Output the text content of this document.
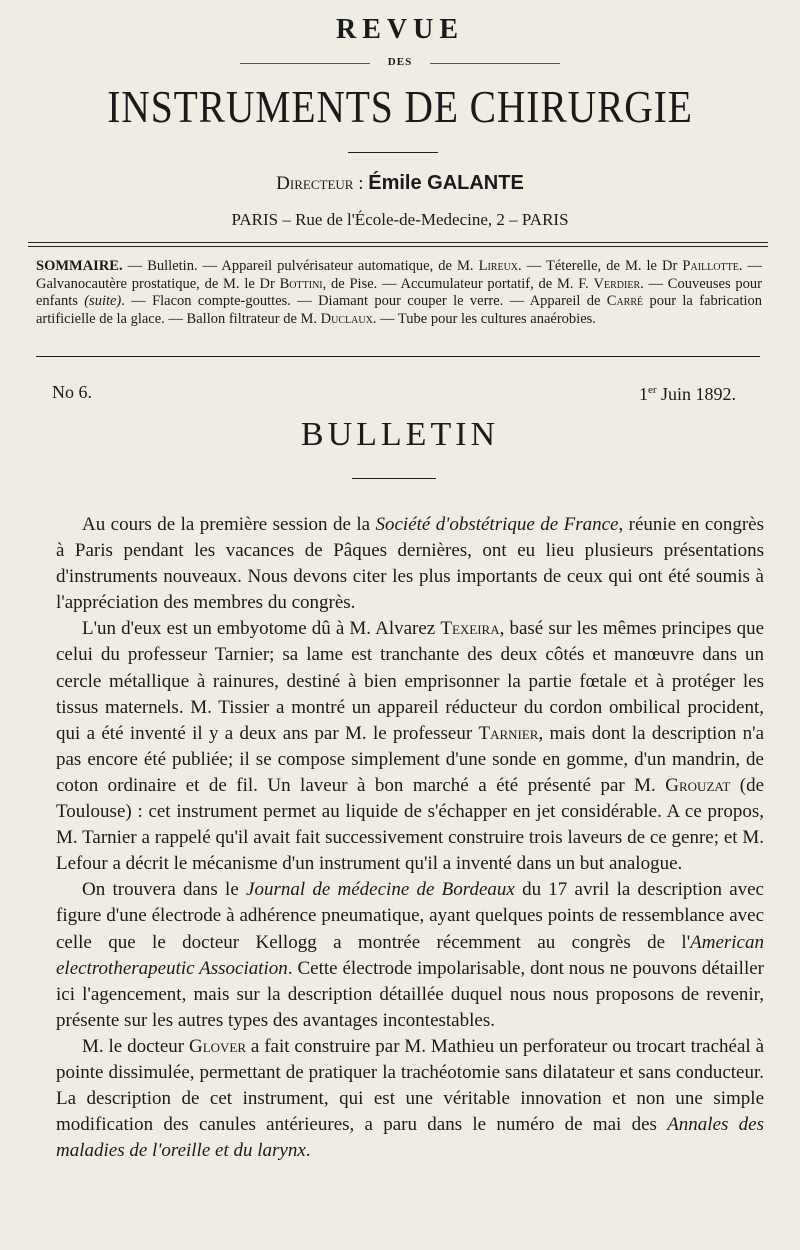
REVUE
DES
INSTRUMENTS DE CHIRURGIE
Directeur : Émile GALANTE
PARIS – Rue de l'École-de-Medecine, 2 – PARIS
SOMMAIRE. — Bulletin. — Appareil pulvérisateur automatique, de M. Lireux. — Téterelle, de M. le Dr Paillotte. — Galvanocautère prostatique, de M. le Dr Bottini, de Pise. — Accumulateur portatif, de M. F. Verdier. — Couveuses pour enfants (suite). — Flacon compte-gouttes. — Diamant pour couper le verre. — Appareil de Carré pour la fabrication artificielle de la glace. — Ballon filtrateur de M. Duclaux. — Tube pour les cultures anaérobies.
No 6.	1er Juin 1892.
BULLETIN

Au cours de la première session de la Société d'obstétrique de France, réunie en congrès à Paris pendant les vacances de Pâques dernières, ont eu lieu plusieurs présentations d'instruments nouveaux. Nous devons citer les plus importants de ceux qui ont été soumis à l'appréciation des membres du congrès.

L'un d'eux est un embyotome dû à M. Alvarez Texeira, basé sur les mêmes principes que celui du professeur Tarnier; sa lame est tranchante des deux côtés et manœuvre dans un cercle métallique à rainures, destiné à bien emprisonner la partie fœtale et à protéger les tissus maternels. M. Tissier a montré un appareil réducteur du cordon ombilical procident, qui a été inventé il y a deux ans par M. le professeur Tarnier, mais dont la description n'a pas encore été publiée; il se compose simplement d'une sonde en gomme, d'un mandrin, de coton ordinaire et de fil. Un laveur à bon marché a été présenté par M. Grouzat (de Toulouse) : cet instrument permet au liquide de s'échapper en jet considérable. A ce propos, M. Tarnier a rappelé qu'il avait fait successivement construire trois laveurs de ce genre; et M. Lefour a décrit le mécanisme d'un instrument qu'il a inventé dans un but analogue.

On trouvera dans le Journal de médecine de Bordeaux du 17 avril la description avec figure d'une électrode à adhérence pneumatique, ayant quelques points de ressemblance avec celle que le docteur Kellogg a montrée récemment au congrès de l'American electrotherapeutic Association. Cette électrode impolarisable, dont nous ne pouvons détailler ici l'agencement, mais sur la description détaillée duquel nous nous proposons de revenir, présente sur les autres types des avantages incontestables.

M. le docteur Glover a fait construire par M. Mathieu un perforateur ou trocart trachéal à pointe dissimulée, permettant de pratiquer la trachéotomie sans dilatateur et sans conducteur. La description de cet instrument, qui est une véritable innovation et non une simple modification des canules antérieures, a paru dans le numéro de mai des Annales des maladies de l'oreille et du larynx.
